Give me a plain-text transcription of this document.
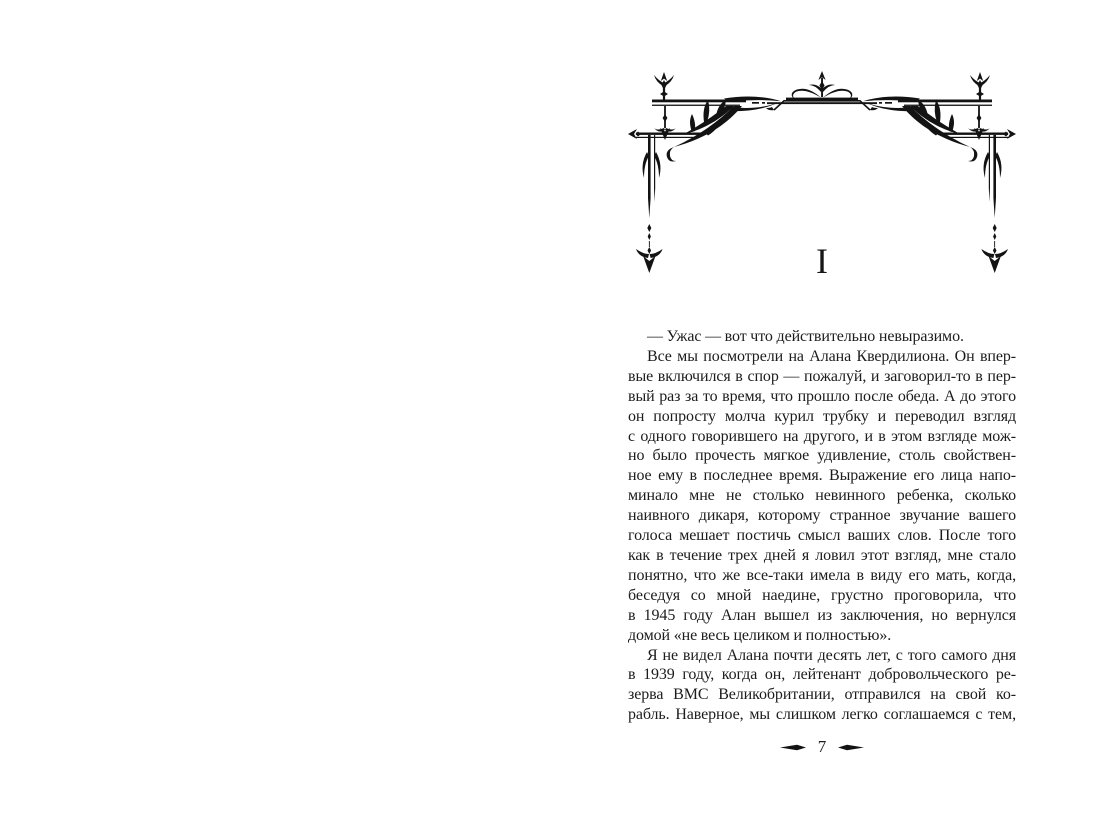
I
— Ужас — вот что действительно невыразимо.
Все мы посмотрели на Алана Квердилиона. Он впер-
вые включился в спор — пожалуй, и заговорил-то в пер-
вый раз за то время, что прошло после обеда. А до этого
он попросту молча курил трубку и переводил взгляд
с одного говорившего на другого, и в этом взгляде мож-
но было прочесть мягкое удивление, столь свойствен-
ное ему в последнее время. Выражение его лица напо-
минало мне не столько невинного ребенка, сколько
наивного дикаря, которому странное звучание вашего
голоса мешает постичь смысл ваших слов. После того
как в течение трех дней я ловил этот взгляд, мне стало
понятно, что же все-таки имела в виду его мать, когда,
беседуя со мной наедине, грустно проговорила, что
в 1945 году Алан вышел из заключения, но вернулся
домой «не весь целиком и полностью».
Я не видел Алана почти десять лет, с того самого дня
в 1939 году, когда он, лейтенант добровольческого ре-
зерва ВМС Великобритании, отправился на свой ко-
рабль. Наверное, мы слишком легко соглашаемся с тем,
7
